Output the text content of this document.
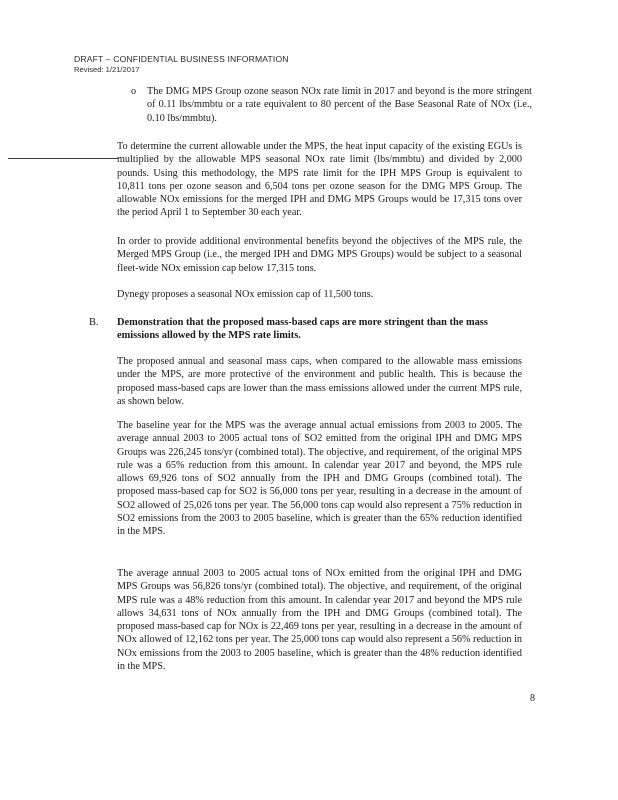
DRAFT – CONFIDENTIAL BUSINESS INFORMATION
Revised: 1/21/2017
o The DMG MPS Group ozone season NOx rate limit in 2017 and beyond is the more stringent of 0.11 lbs/mmbtu or a rate equivalent to 80 percent of the Base Seasonal Rate of NOx (i.e., 0.10 lbs/mmbtu).

To determine the current allowable under the MPS, the heat input capacity of the existing EGUs is multiplied by the allowable MPS seasonal NOx rate limit (lbs/mmbtu) and divided by 2,000 pounds. Using this methodology, the MPS rate limit for the IPH MPS Group is equivalent to 10,811 tons per ozone season and 6,504 tons per ozone season for the DMG MPS Group. The allowable NOx emissions for the merged IPH and DMG MPS Groups would be 17,315 tons over the period April 1 to September 30 each year.

In order to provide additional environmental benefits beyond the objectives of the MPS rule, the Merged MPS Group (i.e., the merged IPH and DMG MPS Groups) would be subject to a seasonal fleet-wide NOx emission cap below 17,315 tons.

Dynegy proposes a seasonal NOx emission cap of 11,500 tons.

B. Demonstration that the proposed mass-based caps are more stringent than the mass emissions allowed by the MPS rate limits.

The proposed annual and seasonal mass caps, when compared to the allowable mass emissions under the MPS, are more protective of the environment and public health. This is because the proposed mass-based caps are lower than the mass emissions allowed under the current MPS rule, as shown below.

The baseline year for the MPS was the average annual actual emissions from 2003 to 2005. The average annual 2003 to 2005 actual tons of SO2 emitted from the original IPH and DMG MPS Groups was 226,245 tons/yr (combined total). The objective, and requirement, of the original MPS rule was a 65% reduction from this amount. In calendar year 2017 and beyond, the MPS rule allows 69,926 tons of SO2 annually from the IPH and DMG Groups (combined total). The proposed mass-based cap for SO2 is 56,000 tons per year, resulting in a decrease in the amount of SO2 allowed of 25,026 tons per year. The 56,000 tons cap would also represent a 75% reduction in SO2 emissions from the 2003 to 2005 baseline, which is greater than the 65% reduction identified in the MPS.

The average annual 2003 to 2005 actual tons of NOx emitted from the original IPH and DMG MPS Groups was 56,826 tons/yr (combined total). The objective, and requirement, of the original MPS rule was a 48% reduction from this amount. In calendar year 2017 and beyond the MPS rule allows 34,631 tons of NOx annually from the IPH and DMG Groups (combined total). The proposed mass-based cap for NOx is 22,469 tons per year, resulting in a decrease in the amount of NOx allowed of 12,162 tons per year. The 25,000 tons cap would also represent a 56% reduction in NOx emissions from the 2003 to 2005 baseline, which is greater than the 48% reduction identified in the MPS.

8
